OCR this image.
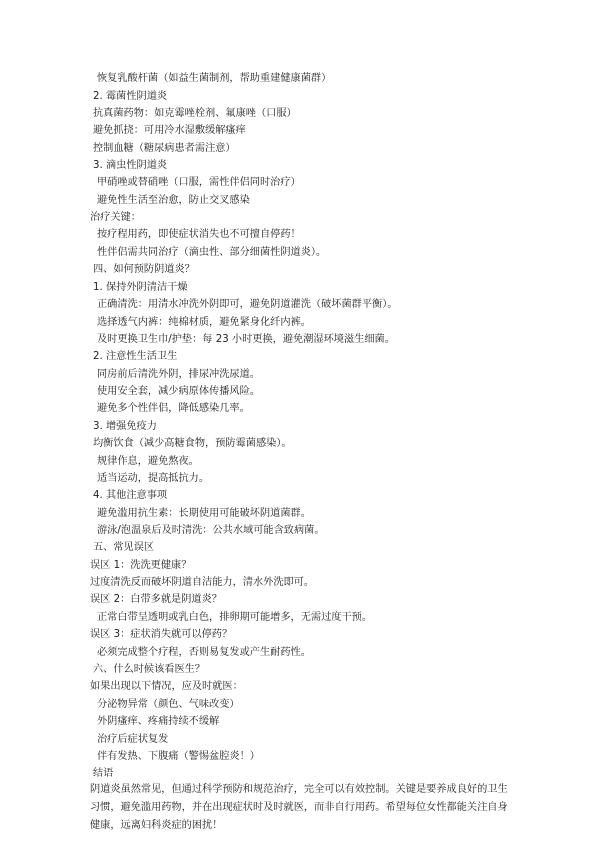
恢复乳酸杆菌（如益生菌制剂，帮助重建健康菌群）
2. 霉菌性阴道炎
抗真菌药物：如克霉唑栓剂、氟康唑（口服）
避免抓挠：可用冷水湿敷缓解瘙痒
控制血糖（糖尿病患者需注意）
3. 滴虫性阴道炎
甲硝唑或替硝唑（口服，需性伴侣同时治疗）
避免性生活至治愈，防止交叉感染
治疗关键：
按疗程用药，即使症状消失也不可擅自停药！
性伴侣需共同治疗（滴虫性、部分细菌性阴道炎）。
四、如何预防阴道炎？
1. 保持外阴清洁干燥
正确清洗：用清水冲洗外阴即可，避免阴道灌洗（破坏菌群平衡）。
选择透气内裤：纯棉材质，避免紧身化纤内裤。
及时更换卫生巾/护垫：每 23 小时更换，避免潮湿环境滋生细菌。
2. 注意性生活卫生
同房前后清洗外阴，排尿冲洗尿道。
使用安全套，减少病原体传播风险。
避免多个性伴侣，降低感染几率。
3. 增强免疫力
均衡饮食（减少高糖食物，预防霉菌感染）。
规律作息，避免熬夜。
适当运动，提高抵抗力。
4. 其他注意事项
避免滥用抗生素：长期使用可能破坏阴道菌群。
游泳/泡温泉后及时清洗：公共水域可能含致病菌。
五、常见误区
误区 1：洗洗更健康？
过度清洗反而破坏阴道自洁能力，清水外洗即可。
误区 2：白带多就是阴道炎？
正常白带呈透明或乳白色，排卵期可能增多，无需过度干预。
误区 3：症状消失就可以停药？
必须完成整个疗程，否则易复发或产生耐药性。
六、什么时候该看医生？
如果出现以下情况，应及时就医：
分泌物异常（颜色、气味改变）
外阴瘙痒、疼痛持续不缓解
治疗后症状复发
伴有发热、下腹痛（警惕盆腔炎！）
结语
阴道炎虽然常见，但通过科学预防和规范治疗，完全可以有效控制。关键是要养成良好的卫生习惯，避免滥用药物，并在出现症状时及时就医，而非自行用药。希望每位女性都能关注自身健康，远离妇科炎症的困扰！
